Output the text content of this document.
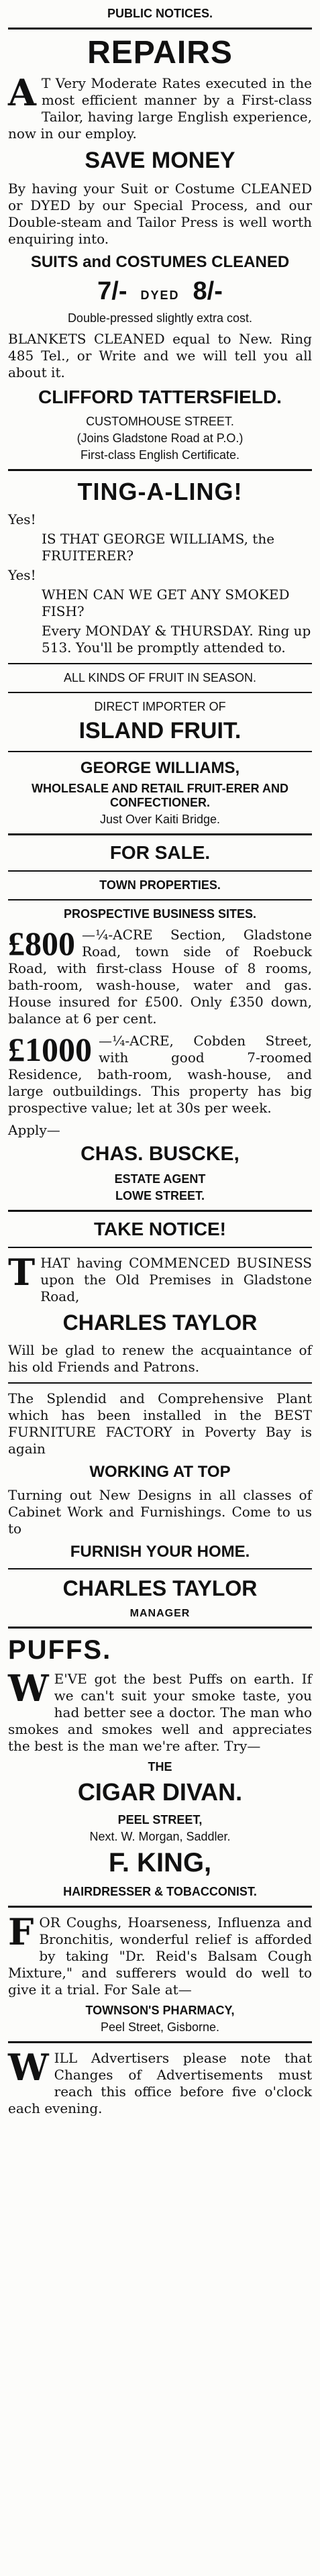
PUBLIC NOTICES.
REPAIRS
A T Very Moderate Rates executed in the most efficient manner by a First-class Tailor, having large English experience, now in our employ.
SAVE MONEY
By having your Suit or Costume CLEANED or DYED by our Special Process, and our Double-steam and Tailor Press is well worth enquiring into.
SUITS and COSTUMES CLEANED
7/- DYED 8/-
Double-pressed slightly extra cost.
BLANKETS CLEANED equal to New. Ring 485 Tel., or Write and we will tell you all about it.
CLIFFORD TATTERSFIELD.
CUSTOMHOUSE STREET.
(Joins Gladstone Road at P.O.)
First-class English Certificate.
TING-A-LING!
Yes!
IS THAT GEORGE WILLIAMS, the FRUITERER?
Yes!
WHEN CAN WE GET ANY SMOKED FISH?
Every MONDAY & THURSDAY. Ring up 513. You'll be promptly attended to.
ALL KINDS OF FRUIT IN SEASON.
DIRECT IMPORTER OF
ISLAND FRUIT.
GEORGE WILLIAMS,
WHOLESALE AND RETAIL FRUIT-ERER AND CONFECTIONER.
Just Over Kaiti Bridge.
FOR SALE.
TOWN PROPERTIES.
PROSPECTIVE BUSINESS SITES.
£800 —¼-ACRE Section, Gladstone Road, town side of Roebuck Road, with first-class House of 8 rooms, bath-room, wash-house, water and gas. House insured for £500. Only £350 down, balance at 6 per cent.
£1000 —¼-ACRE, Cobden Street, with good 7-roomed Residence, bath-room, wash-house, and large outbuildings. This property has big prospective value; let at 30s per week.
Apply—
CHAS. BUSCKE,
ESTATE AGENT
LOWE STREET.
TAKE NOTICE!
T HAT having COMMENCED BUSINESS upon the Old Premises in Gladstone Road,
CHARLES TAYLOR
Will be glad to renew the acquaintance of his old Friends and Patrons.
The Splendid and Comprehensive Plant which has been installed in the BEST FURNITURE FACTORY in Poverty Bay is again
WORKING AT TOP
Turning out New Designs in all classes of Cabinet Work and Furnishings. Come to us to
FURNISH YOUR HOME.
CHARLES TAYLOR
MANAGER
PUFFS.
W E'VE got the best Puffs on earth. If we can't suit your smoke taste, you had better see a doctor. The man who smokes and smokes well and appreciates the best is the man we're after. Try—
THE
CIGAR DIVAN.
PEEL STREET,
Next. W. Morgan, Saddler.
F. KING,
HAIRDRESSER & TOBACCONIST.
F OR Coughs, Hoarseness, Influenza and Bronchitis, wonderful relief is afforded by taking "Dr. Reid's Balsam Cough Mixture," and sufferers would do well to give it a trial. For Sale at—
TOWNSON'S PHARMACY,
Peel Street, Gisborne.
W ILL Advertisers please note that Changes of Advertisements must reach this office before five o'clock each evening.
